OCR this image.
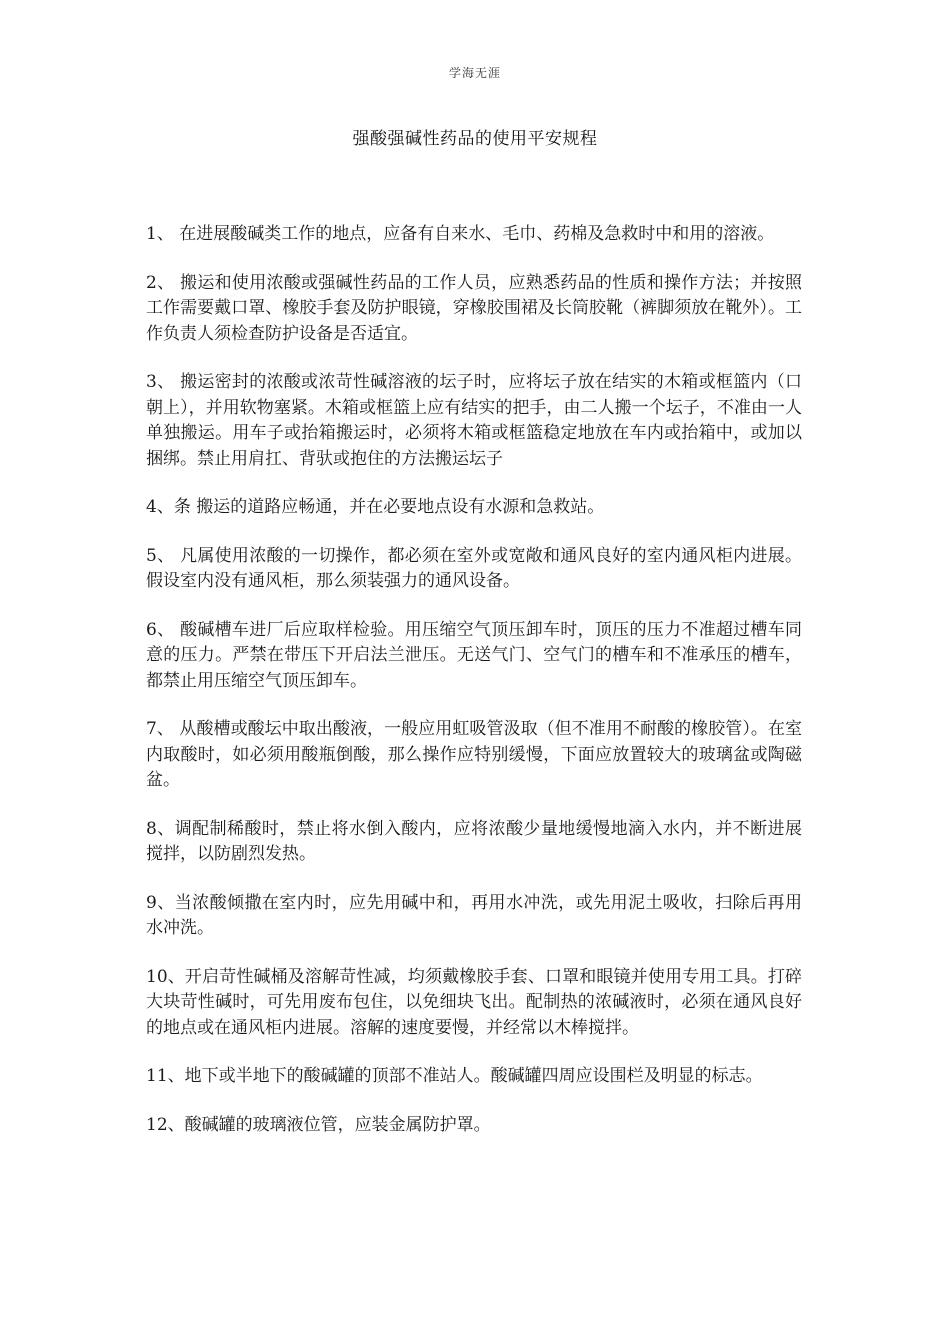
学海无涯
强酸强碱性药品的使用平安规程

1、 在进展酸碱类工作的地点，应备有自来水、毛巾、药棉及急救时中和用的溶液。

2、 搬运和使用浓酸或强碱性药品的工作人员，应熟悉药品的性质和操作方法；并按照工作需要戴口罩、橡胶手套及防护眼镜，穿橡胶围裙及长筒胶靴（裤脚须放在靴外）。工作负责人须检查防护设备是否适宜。

3、 搬运密封的浓酸或浓苛性碱溶液的坛子时，应将坛子放在结实的木箱或框篮内（口朝上），并用软物塞紧。木箱或框篮上应有结实的把手，由二人搬一个坛子，不准由一人单独搬运。用车子或抬箱搬运时，必须将木箱或框篮稳定地放在车内或抬箱中，或加以捆绑。禁止用肩扛、背驮或抱住的方法搬运坛子

4、条 搬运的道路应畅通，并在必要地点设有水源和急救站。

5、 凡属使用浓酸的一切操作，都必须在室外或宽敞和通风良好的室内通风柜内进展。假设室内没有通风柜，那么须装强力的通风设备。

6、 酸碱槽车进厂后应取样检验。用压缩空气顶压卸车时，顶压的压力不准超过槽车同意的压力。严禁在带压下开启法兰泄压。无送气门、空气门的槽车和不准承压的槽车，都禁止用压缩空气顶压卸车。

7、 从酸槽或酸坛中取出酸液，一般应用虹吸管汲取（但不准用不耐酸的橡胶管）。在室内取酸时，如必须用酸瓶倒酸，那么操作应特别缓慢，下面应放置较大的玻璃盆或陶磁盆。

8、调配制稀酸时，禁止将水倒入酸内，应将浓酸少量地缓慢地滴入水内，并不断进展搅拌，以防剧烈发热。

9、当浓酸倾撒在室内时，应先用碱中和，再用水冲洗，或先用泥土吸收，扫除后再用水冲洗。

10、开启苛性碱桶及溶解苛性减，均须戴橡胶手套、口罩和眼镜并使用专用工具。打碎大块苛性碱时，可先用废布包住，以免细块飞出。配制热的浓碱液时，必须在通风良好的地点或在通风柜内进展。溶解的速度要慢，并经常以木棒搅拌。

11、地下或半地下的酸碱罐的顶部不准站人。酸碱罐四周应设围栏及明显的标志。

12、酸碱罐的玻璃液位管，应装金属防护罩。
